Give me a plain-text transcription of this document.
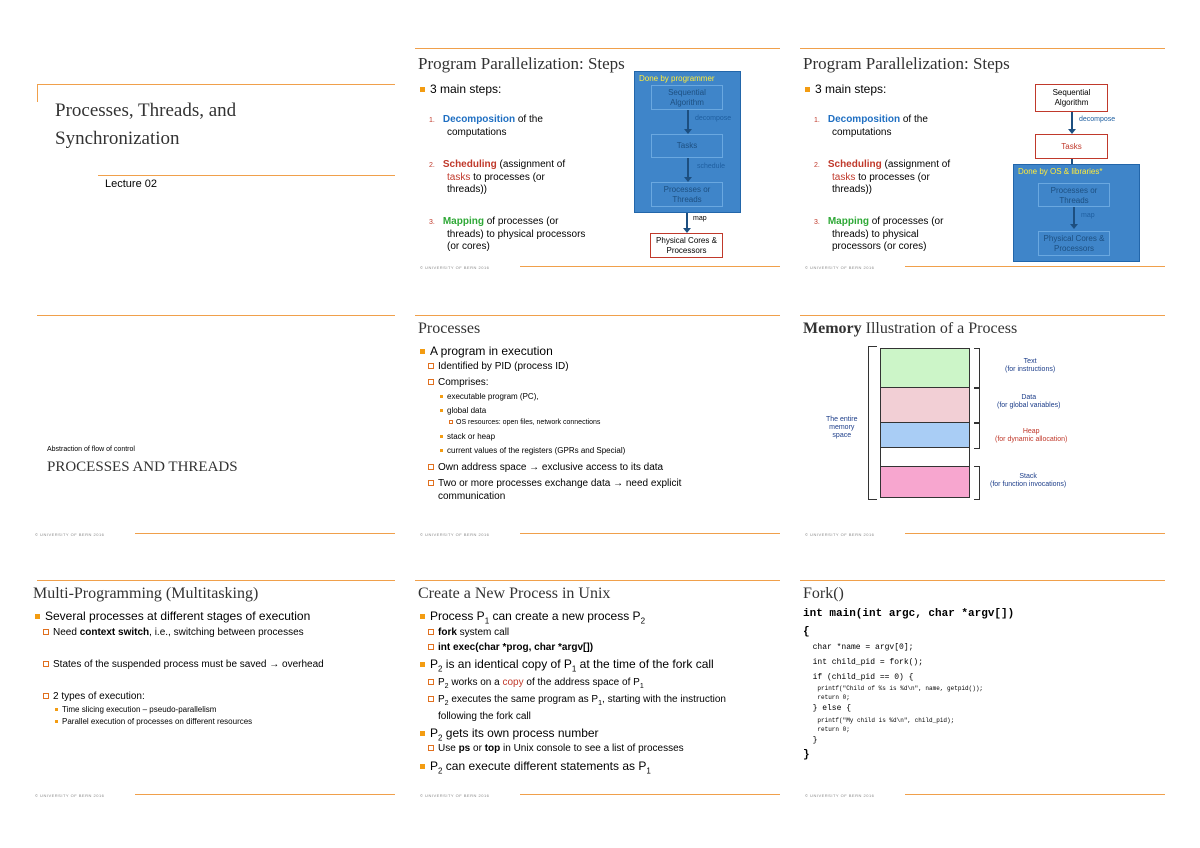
Processes, Threads, and
Synchronization
Lecture 02
Program Parallelization: Steps
3 main steps:
1. Decomposition of the
computations
2. Scheduling (assignment of
tasks to processes (or
threads))
3. Mapping of processes (or
threads) to physical processors
(or cores)
Done by programmer
Sequential Algorithm
decompose
Tasks
schedule
Processes or Threads
map
Physical Cores & Processors
© UNIVERSITY OF BERN 2016
Program Parallelization: Steps
3 main steps:
1. Decomposition of the
computations
2. Scheduling (assignment of
tasks to processes (or
threads))
3. Mapping of processes (or
threads) to physical
processors (or cores)
Sequential Algorithm
decompose
Tasks
Done by OS & libraries*
Processes or Threads
map
Physical Cores & Processors
© UNIVERSITY OF BERN 2016
Abstraction of flow of control
PROCESSES AND THREADS
© UNIVERSITY OF BERN 2016
Processes
A program in execution
Identified by PID (process ID)
Comprises:
executable program (PC),
global data
OS resources: open files, network connections
stack or heap
current values of the registers (GPRs and Special)
Own address space → exclusive access to its data
Two or more processes exchange data → need explicit
communication
© UNIVERSITY OF BERN 2016
Memory Illustration of a Process
The entire
memory
space
Text
(for instructions)
Data
(for global variables)
Heap
(for dynamic allocation)
Stack
(for function invocations)
© UNIVERSITY OF BERN 2016
Multi-Programming (Multitasking)
Several processes at different stages of execution
Need context switch, i.e., switching between processes
States of the suspended process must be saved → overhead
2 types of execution:
Time slicing execution – pseudo-parallelism
Parallel execution of processes on different resources
© UNIVERSITY OF BERN 2016
Create a New Process in Unix
Process $P_1$ can create a new process $P_2$
fork system call
int exec(char *prog, char *argv[])
$P_2$ is an identical copy of $P_1$ at the time of the fork call
$P_2$ works on a copy of the address space of $P_1$
$P_2$ executes the same program as $P_1$, starting with the instruction
following the fork call
$P_2$ gets its own process number
Use ps or top in Unix console to see a list of processes
$P_2$ can execute different statements as $P_1$
© UNIVERSITY OF BERN 2016
Fork()
int main(int argc, char *argv[])
{
char *name = argv[0];
int child_pid = fork();
if (child_pid == 0) {
printf("Child of %s is %d\n", name, getpid());
return 0;
} else {
printf("My child is %d\n", child_pid);
return 0;
}
}
© UNIVERSITY OF BERN 2016
